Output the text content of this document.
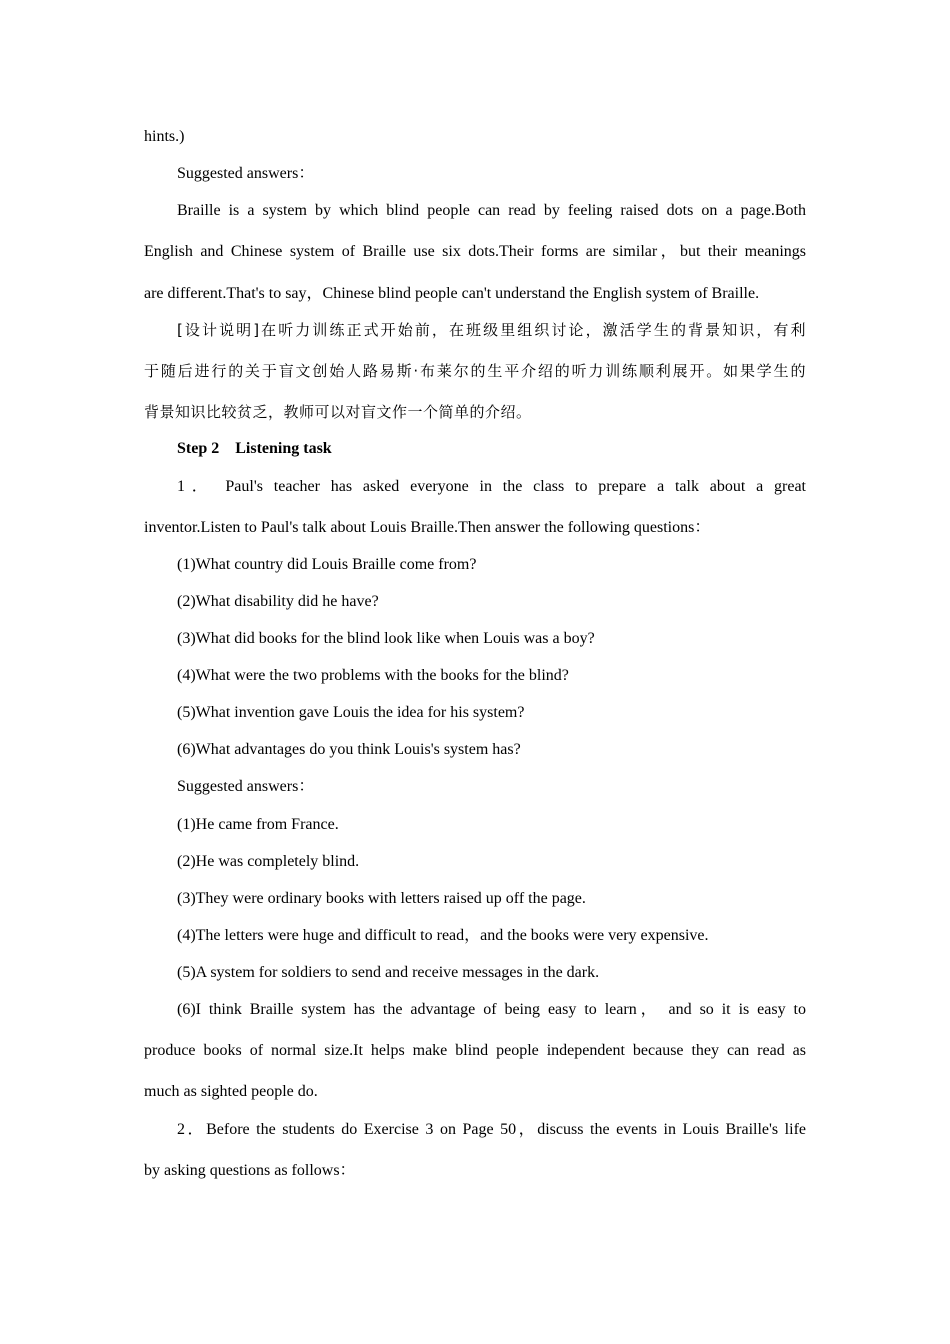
hints.)
Suggested answers：
Braille is a system by which blind people can read by feeling raised dots on a page.Both
English and Chinese system of Braille use six dots.Their forms are similar，but their meanings
are different.That's to say，Chinese blind people can't understand the English system of Braille.
[设计说明]在听力训练正式开始前，在班级里组织讨论，激活学生的背景知识，有利
于随后进行的关于盲文创始人路易斯·布莱尔的生平介绍的听力训练顺利展开。如果学生的
背景知识比较贫乏，教师可以对盲文作一个简单的介绍。
Step 2　Listening task
1． Paul's teacher has asked everyone in the class to prepare a talk about a great
inventor.Listen to Paul's talk about Louis Braille.Then answer the following questions：
(1)What country did Louis Braille come from?
(2)What disability did he have?
(3)What did books for the blind look like when Louis was a boy?
(4)What were the two problems with the books for the blind?
(5)What invention gave Louis the idea for his system?
(6)What advantages do you think Louis's system has?
Suggested answers：
(1)He came from France.
(2)He was completely blind.
(3)They were ordinary books with letters raised up off the page.
(4)The letters were huge and difficult to read，and the books were very expensive.
(5)A system for soldiers to send and receive messages in the dark.
(6)I think Braille system has the advantage of being easy to learn， and so it is easy to
produce books of normal size.It helps make blind people independent because they can read as
much as sighted people do.
2．Before the students do Exercise 3 on Page 50，discuss the events in Louis Braille's life
by asking questions as follows：
